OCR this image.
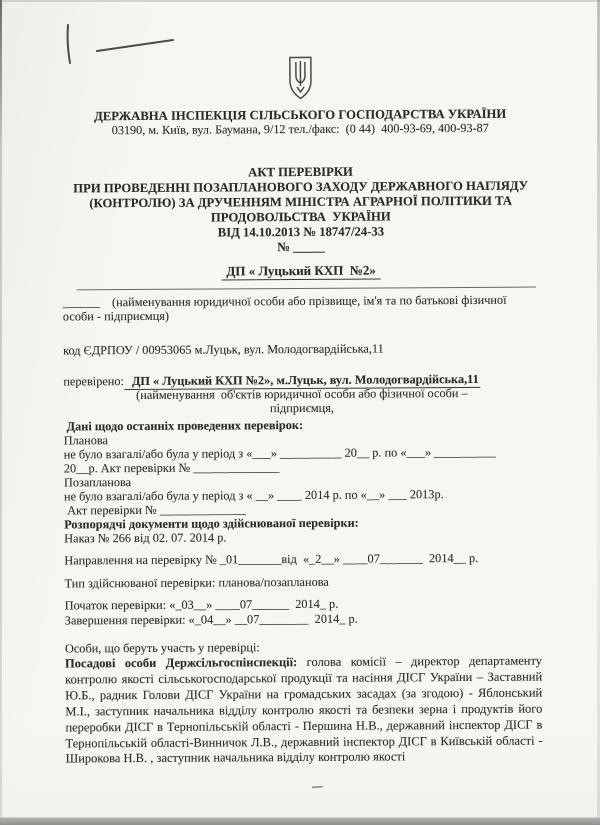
ДЕРЖАВНА ІНСПЕКЦІЯ СІЛЬСЬКОГО ГОСПОДАРСТВА УКРАЇНИ
03190, м. Київ, вул. Баумана, 9/12 тел./факс:  (0 44)  400-93-69, 400-93-87
АКТ ПЕРЕВІРКИ
ПРИ ПРОВЕДЕННІ ПОЗАПЛАНОВОГО ЗАХОДУ ДЕРЖАВНОГО НАГЛЯДУ
(КОНТРОЛЮ) ЗА ДРУЧЕННЯМ МІНІСТРА АГРАРНОЇ ПОЛІТИКИ ТА
ПРОДОВОЛЬСТВА  УКРАЇНИ
ВІД 14.10.2013 № 18747/24-33
№ _____
ДП « Луцький КХП  №2»
______    (найменування юридичної особи або прізвище, ім'я та по батькові фізичної
особи - підприємця)
код ЄДРПОУ / 00953065 м.Луцьк, вул. Молодогвардійська,11
перевірено: ДП « Луцький КХП №2», м.Луцьк, вул. Молодогвардійська,11
(найменування  об'єктів юридичної особи або фізичної особи –
підприємця,
Дані щодо останніх проведених перевірок:
Планова
не було взагалі/або була у період з «___» __________ 20__ р. по «___» __________
20__р. Акт перевірки № ______________
Позапланова
не було взагалі/або була у період з « __» ____ 2014 р. по «__» ___ 2013р.
Акт перевірки № ______________
Розпорядчі документи щодо здійснюваної перевірки:
Наказ № 266 від 02. 07. 2014 р.
Направлення на перевірку № _01_______від  «_2__» ____07_______  2014__ р.
Тип здійснюваної перевірки: планова/позапланова
Початок перевірки: «_03__» ____07______  2014_ р.
Завершення перевірки: «_04__» __07________  2014_ р.
Особи, що беруть участь у перевірці:

Посадові особи Держсільгоспінспекції: голова комісії – директор департаменту контролю якості сільськогосподарської продукції та насіння ДІСГ України – Заставний Ю.Б., радник Голови ДІСГ України на громадських засадах (за згодою) - Яблонський М.І., заступник начальника відділу контролю якості та безпеки зерна і продуктів його переробки ДІСГ в Тернопільській області - Першина Н.В., державний інспектор ДІСГ в Тернопільській області-Винничок Л.В., державний інспектор ДІСГ в Київській області - Широкова Н.В. , заступник начальника відділу контролю якості
